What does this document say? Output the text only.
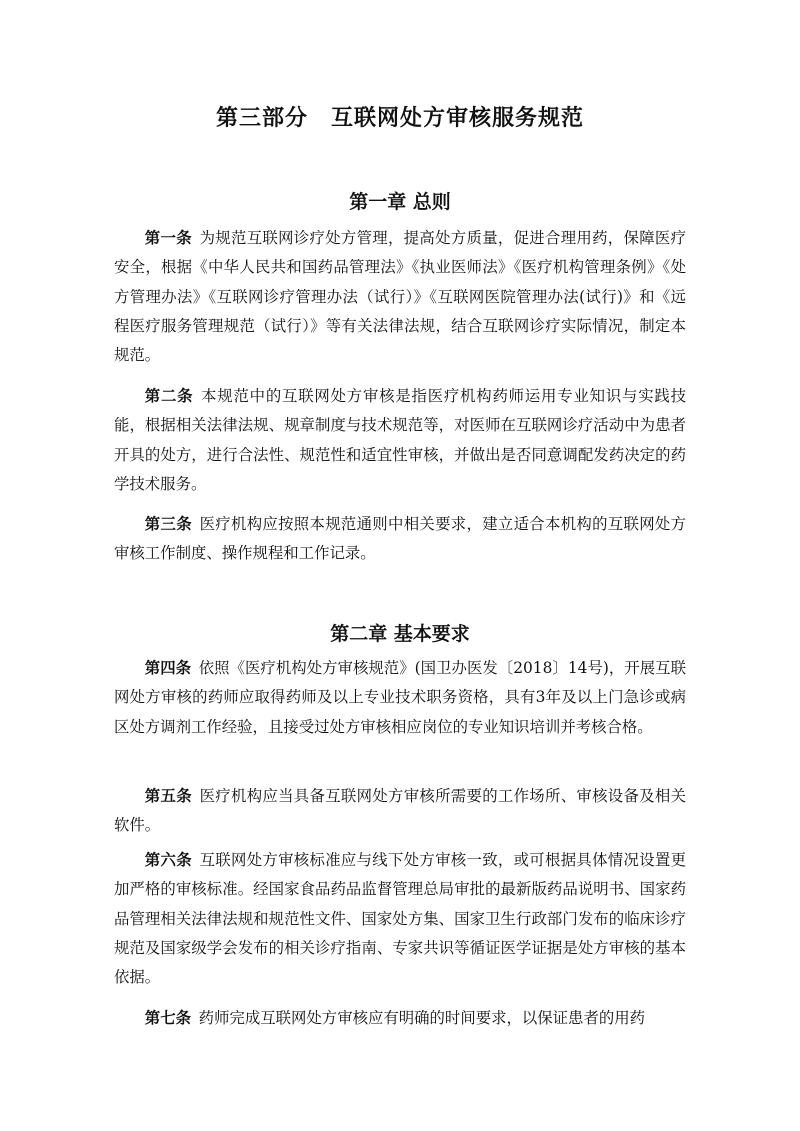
第三部分　互联网处方审核服务规范
第一章 总则

第一条 为规范互联网诊疗处方管理，提高处方质量，促进合理用药，保障医疗安全，根据《中华人民共和国药品管理法》《执业医师法》《医疗机构管理条例》《处方管理办法》《互联网诊疗管理办法（试行）》《互联网医院管理办法(试行)》和《远程医疗服务管理规范（试行）》等有关法律法规，结合互联网诊疗实际情况，制定本规范。

第二条 本规范中的互联网处方审核是指医疗机构药师运用专业知识与实践技能，根据相关法律法规、规章制度与技术规范等，对医师在互联网诊疗活动中为患者开具的处方，进行合法性、规范性和适宜性审核，并做出是否同意调配发药决定的药学技术服务。

第三条 医疗机构应按照本规范通则中相关要求，建立适合本机构的互联网处方审核工作制度、操作规程和工作记录。

第二章 基本要求

第四条 依照《医疗机构处方审核规范》(国卫办医发〔2018〕14号)，开展互联网处方审核的药师应取得药师及以上专业技术职务资格，具有3年及以上门急诊或病区处方调剂工作经验，且接受过处方审核相应岗位的专业知识培训并考核合格。

第五条 医疗机构应当具备互联网处方审核所需要的工作场所、审核设备及相关软件。

第六条 互联网处方审核标准应与线下处方审核一致，或可根据具体情况设置更加严格的审核标准。经国家食品药品监督管理总局审批的最新版药品说明书、国家药品管理相关法律法规和规范性文件、国家处方集、国家卫生行政部门发布的临床诊疗规范及国家级学会发布的相关诊疗指南、专家共识等循证医学证据是处方审核的基本依据。

第七条 药师完成互联网处方审核应有明确的时间要求，以保证患者的用药
